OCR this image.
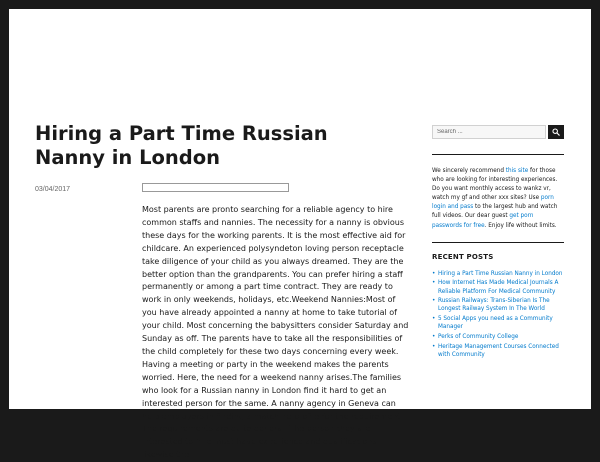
Hiring a Part Time Russian Nanny in London
03/04/2017
Most parents are pronto searching for a reliable agency to hire common staffs and nannies. The necessity for a nanny is obvious these days for the working parents. It is the most effective aid for childcare. An experienced polysyndeton loving person receptacle take diligence of your child as you always dreamed. They are the better option than the grandparents. You can prefer hiring a staff permanently or among a part time contract. They are ready to work in only weekends, holidays, etc.Weekend Nannies:Most of you have already appointed a nanny at home to take tutorial of your child. Most concerning the babysitters consider Saturday and Sunday as off. The parents have to take all the responsibilities of the child completely for these two days concerning every week. Having a meeting or party in the weekend makes the parents worried. Here, the need for a weekend nanny arises.The families who look for a Russian nanny in London find it hard to get an interested person for the same. A nanny agency in Geneva can help employers in finding a matching profile for the requirement. The requirements are quite general. The person they are interested to hire must have experience and qualifications likewise the
Search ...

We sincerely recommend this site for those who are looking for interesting experiences. Do you want monthly access to wankz vr, watch my gf and other xxx sites? Use porn login and pass to the largest hub and watch full videos. Our dear guest get porn passwords for free. Enjoy life without limits.

RECENT POSTS
• Hiring a Part Time Russian Nanny in London
• How Internet Has Made Medical Journals A Reliable Platform For Medical Community
• Russian Railways: Trans-Siberian Is The Longest Railway System In The World
• 5 Social Apps you need as a Community Manager
• Perks of Community College
• Heritage Management Courses Connected with Community
